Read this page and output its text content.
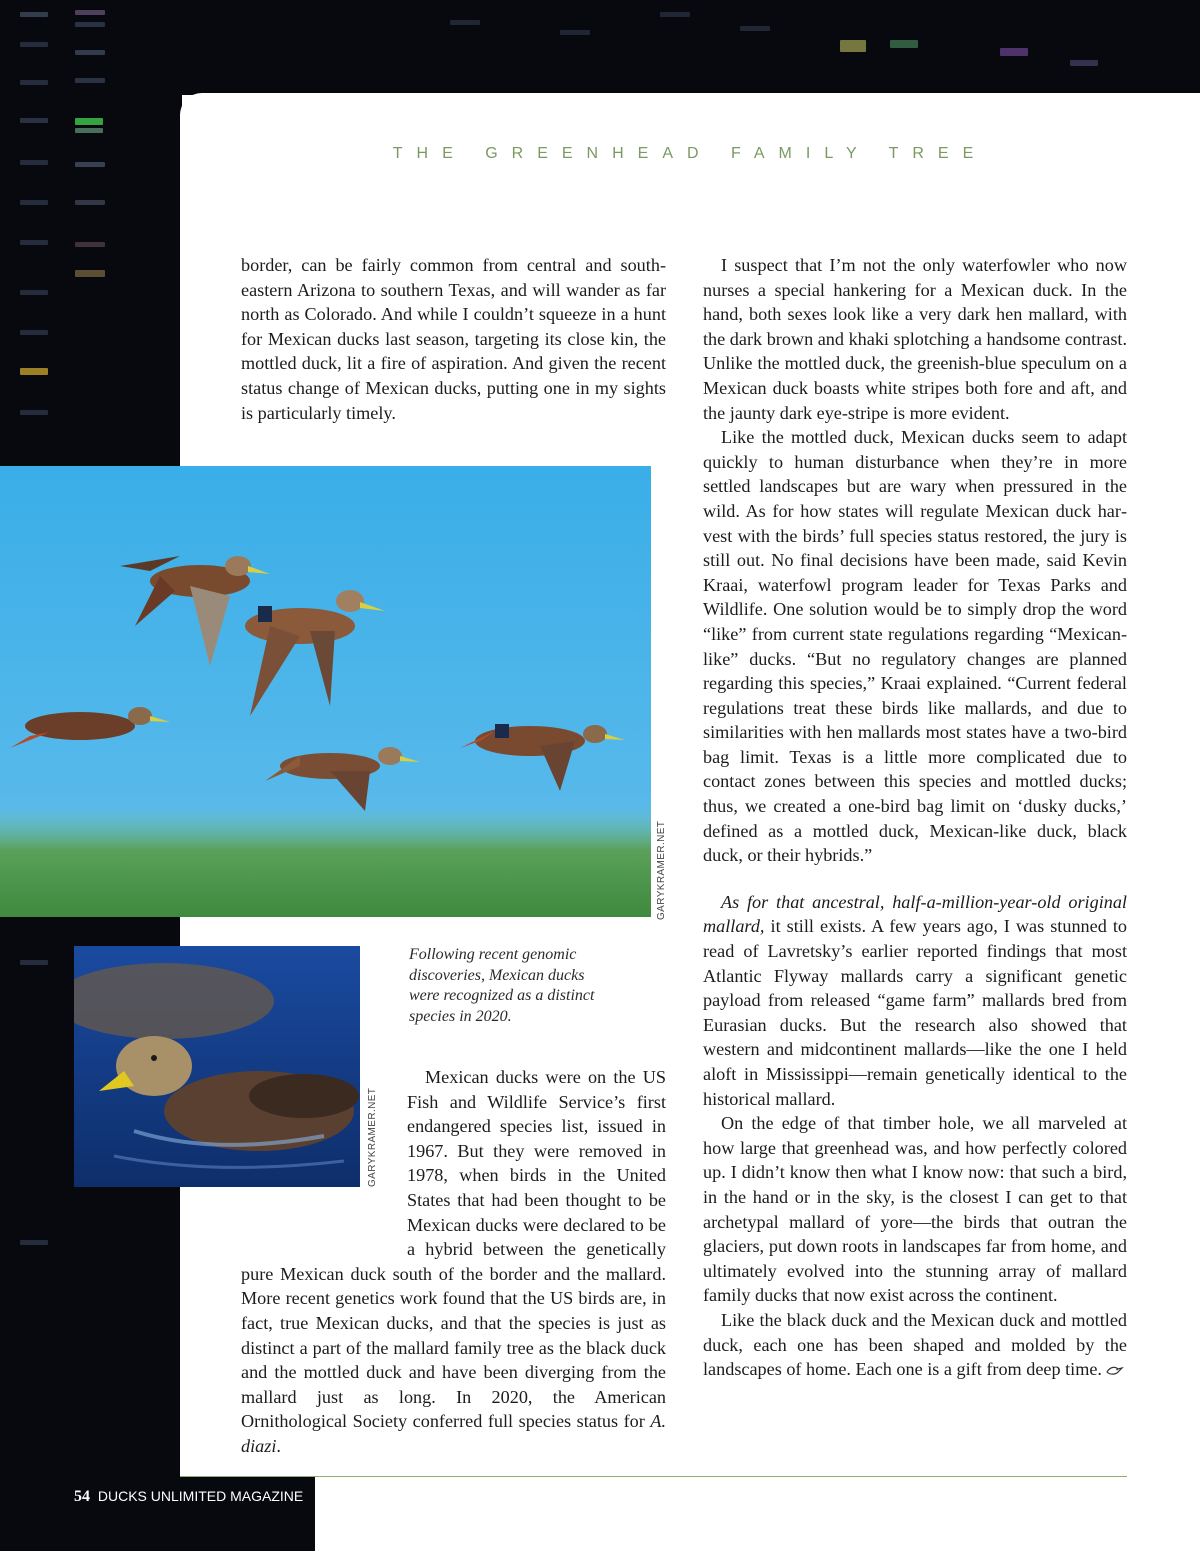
THE GREENHEAD FAMILY TREE

border, can be fairly common from central and southeastern Arizona to southern Texas, and will wander as far north as Colorado. And while I couldn’t squeeze in a hunt for Mexican ducks last season, targeting its close kin, the mottled duck, lit a fire of aspiration. And given the recent status change of Mexican ducks, putting one in my sights is particularly timely.

I suspect that I’m not the only waterfowler who now nurses a special hankering for a Mexican duck. In the hand, both sexes look like a very dark hen mallard, with the dark brown and khaki splotching a handsome contrast. Unlike the mottled duck, the greenish-blue speculum on a Mexican duck boasts white stripes both fore and aft, and the jaunty dark eye-stripe is more evident.

Like the mottled duck, Mexican ducks seem to adapt quickly to human disturbance when they’re in more settled landscapes but are wary when pressured in the wild. As for how states will regulate Mexican duck harvest with the birds’ full species status restored, the jury is still out. No final decisions have been made, said Kevin Kraai, waterfowl program leader for Texas Parks and Wildlife. One solution would be to simply drop the word “like” from current state regulations regarding “Mexican-like” ducks. “But no regulatory changes are planned regarding this species,” Kraai explained. “Current federal regulations treat these birds like mallards, and due to similarities with hen mallards most states have a two-bird bag limit. Texas is a little more complicated due to contact zones between this species and mottled ducks; thus, we created a one-bird bag limit on ‘dusky ducks,’ defined as a mottled duck, Mexican-like duck, black duck, or their hybrids.”

As for that ancestral, half-a-million-year-old original mallard, it still exists. A few years ago, I was stunned to read of Lavretsky’s earlier reported findings that most Atlantic Flyway mallards carry a significant genetic payload from released “game farm” mallards bred from Eurasian ducks. But the research also showed that western and midcontinent mallards—like the one I held aloft in Mississippi—remain genetically identical to the historical mallard.

On the edge of that timber hole, we all marveled at how large that greenhead was, and how perfectly colored up. I didn’t know then what I know now: that such a bird, in the hand or in the sky, is the closest I can get to that archetypal mallard of yore—the birds that outran the glaciers, put down roots in landscapes far from home, and ultimately evolved into the stunning array of mallard family ducks that now exist across the continent.

Like the black duck and the Mexican duck and mottled duck, each one has been shaped and molded by the landscapes of home. Each one is a gift from deep time.

GARYKRAMER.NET
GARYKRAMER.NET
Following recent genomic discoveries, Mexican ducks were recognized as a distinct species in 2020.

Mexican ducks were on the US Fish and Wildlife Service’s first endangered species list, issued in 1967. But they were removed in 1978, when birds in the United States that had been thought to be Mexican ducks were declared to be a hybrid between the genetically pure Mexican duck south of the border and the mallard. More recent genetics work found that the US birds are, in fact, true Mexican ducks, and that the species is just as distinct a part of the mallard family tree as the black duck and the mottled duck and have been diverging from the mallard just as long. In 2020, the American Ornithological Society conferred full species status for A. diazi.

54 DUCKS UNLIMITED MAGAZINE
